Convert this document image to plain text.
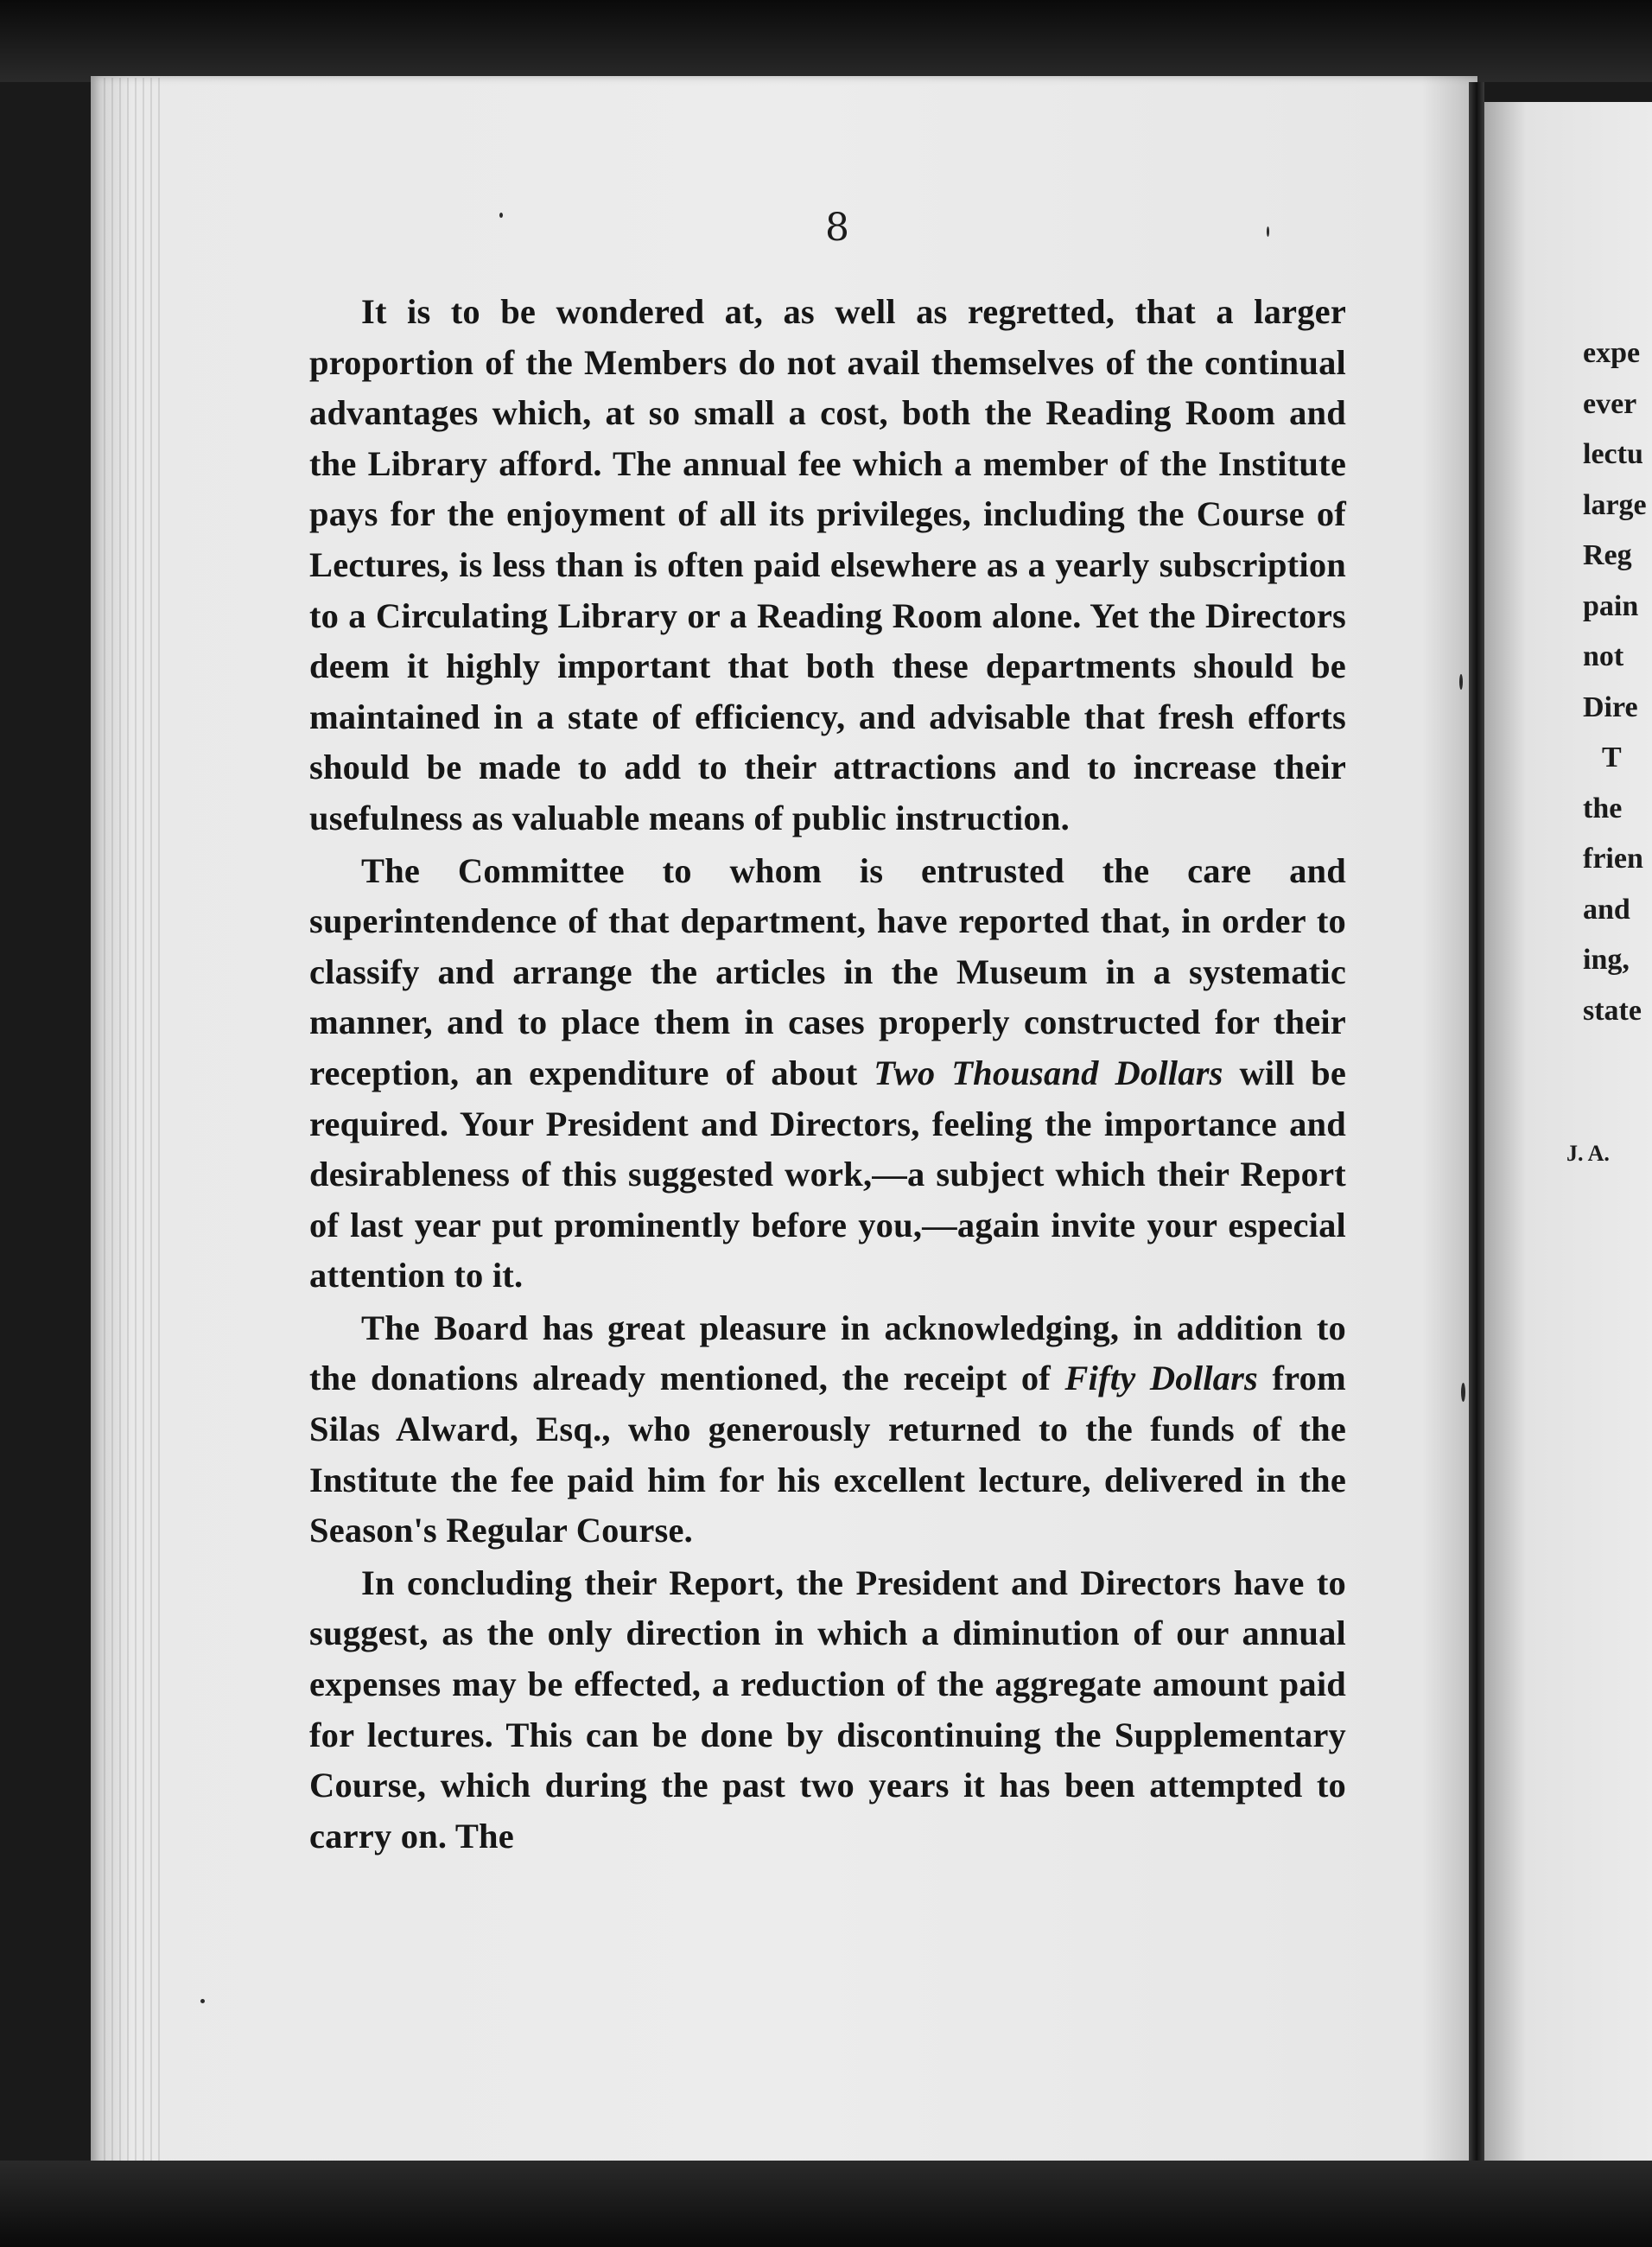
8

It is to be wondered at, as well as regretted, that a larger proportion of the Members do not avail themselves of the continual advantages which, at so small a cost, both the Reading Room and the Library afford. The annual fee which a member of the Institute pays for the enjoyment of all its privileges, including the Course of Lectures, is less than is often paid elsewhere as a yearly subscription to a Circulating Library or a Reading Room alone. Yet the Directors deem it highly important that both these departments should be maintained in a state of efficiency, and advisable that fresh efforts should be made to add to their attractions and to increase their usefulness as valuable means of public instruction.

The Committee to whom is entrusted the care and superintendence of that department, have reported that, in order to classify and arrange the articles in the Museum in a systematic manner, and to place them in cases properly constructed for their reception, an expenditure of about Two Thousand Dollars will be required. Your President and Directors, feeling the importance and desirableness of this suggested work,—a subject which their Report of last year put prominently before you,—again invite your especial attention to it.

The Board has great pleasure in acknowledging, in addition to the donations already mentioned, the receipt of Fifty Dollars from Silas Alward, Esq., who generously returned to the funds of the Institute the fee paid him for his excellent lecture, delivered in the Season's Regular Course.

In concluding their Report, the President and Directors have to suggest, as the only direction in which a diminution of our annual expenses may be effected, a reduction of the aggregate amount paid for lectures. This can be done by discontinuing the Supplementary Course, which during the past two years it has been attempted to carry on. The

expe
ever
lectu
large
Reg
pain
not
Dire
T
the
frien
and
ing,
state
J. A.
